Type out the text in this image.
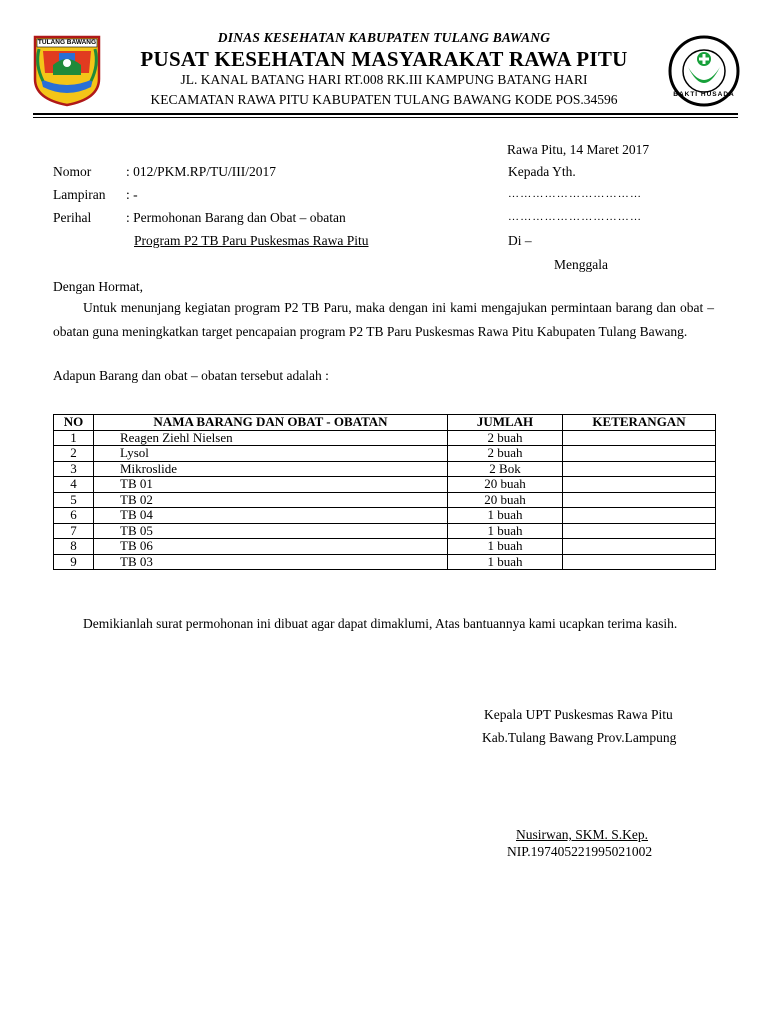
TULANG BAWANG
BAKTI HUSADA
DINAS KESEHATAN KABUPATEN TULANG BAWANG
PUSAT KESEHATAN MASYARAKAT RAWA PITU
JL. KANAL BATANG HARI RT.008 RK.III KAMPUNG BATANG HARI
KECAMATAN RAWA PITU KABUPATEN TULANG BAWANG KODE POS.34596
Rawa Pitu, 14 Maret 2017
Nomor	: 012/PKM.RP/TU/III/2017	Kepada Yth.
Lampiran : -	……………………………
Perihal	: Permohonan Barang dan Obat – obatan	……………………………
Program P2 TB Paru Puskesmas Rawa Pitu	Di –
Menggala
Dengan Hormat,
Untuk menunjang kegiatan program P2 TB Paru, maka dengan ini kami mengajukan permintaan barang dan obat – obatan guna meningkatkan target pencapaian program P2 TB Paru Puskesmas Rawa Pitu Kabupaten Tulang Bawang.
Adapun Barang dan obat – obatan tersebut adalah :
NO	NAMA BARANG DAN OBAT - OBATAN	JUMLAH	KETERANGAN
1	Reagen Ziehl Nielsen	2 buah	
2	Lysol	2 buah	
3	Mikroslide	2 Bok	
4	TB 01	20 buah	
5	TB 02	20 buah	
6	TB 04	1 buah	
7	TB 05	1 buah	
8	TB 06	1 buah	
9	TB 03	1 buah	
Demikianlah surat permohonan ini dibuat agar dapat dimaklumi, Atas bantuannya kami ucapkan terima kasih.
Kepala UPT Puskesmas Rawa Pitu
Kab.Tulang Bawang Prov.Lampung
Nusirwan, SKM. S.Kep.
NIP.197405221995021002
